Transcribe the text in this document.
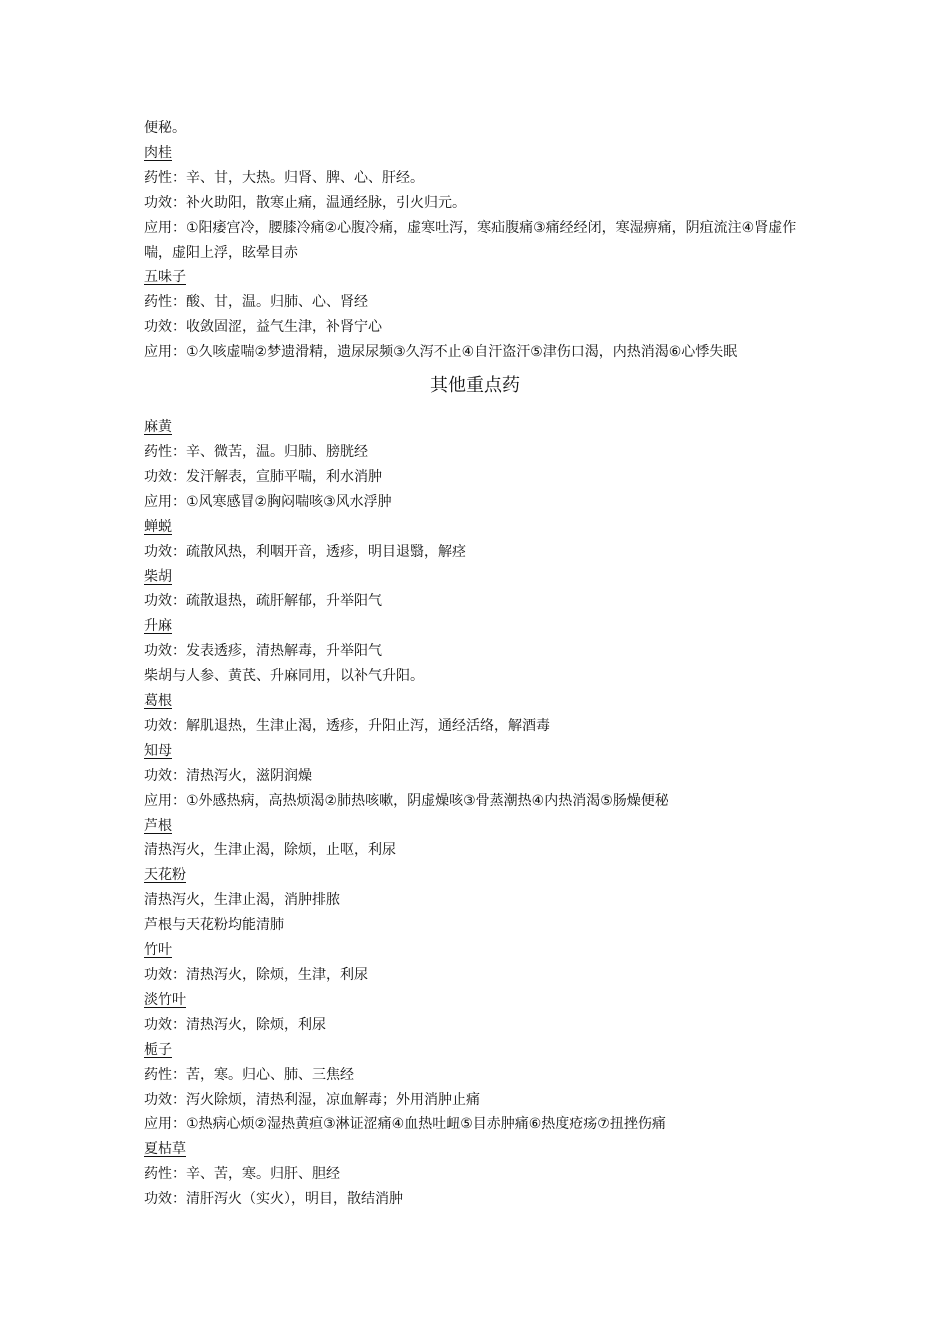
便秘。
肉桂
药性：辛、甘，大热。归肾、脾、心、肝经。
功效：补火助阳，散寒止痛，温通经脉，引火归元。
应用：①阳痿宫冷，腰膝冷痛②心腹冷痛，虚寒吐泻，寒疝腹痛③痛经经闭，寒湿痹痛，阴疽流注④肾虚作喘，虚阳上浮，眩晕目赤
五味子
药性：酸、甘，温。归肺、心、肾经
功效：收敛固涩，益气生津，补肾宁心
应用：①久咳虚喘②梦遗滑精，遗尿尿频③久泻不止④自汗盗汗⑤津伤口渴，内热消渴⑥心悸失眠
其他重点药
麻黄
药性：辛、微苦，温。归肺、膀胱经
功效：发汗解表，宣肺平喘，利水消肿
应用：①风寒感冒②胸闷喘咳③风水浮肿
蝉蜕
功效：疏散风热，利咽开音，透疹，明目退翳，解痉
柴胡
功效：疏散退热，疏肝解郁，升举阳气
升麻
功效：发表透疹，清热解毒，升举阳气
柴胡与人参、黄芪、升麻同用，以补气升阳。
葛根
功效：解肌退热，生津止渴，透疹，升阳止泻，通经活络，解酒毒
知母
功效：清热泻火，滋阴润燥
应用：①外感热病，高热烦渴②肺热咳嗽，阴虚燥咳③骨蒸潮热④内热消渴⑤肠燥便秘
芦根
清热泻火，生津止渴，除烦，止呕，利尿
天花粉
清热泻火，生津止渴，消肿排脓
芦根与天花粉均能清肺
竹叶
功效：清热泻火，除烦，生津，利尿
淡竹叶
功效：清热泻火，除烦，利尿
栀子
药性：苦，寒。归心、肺、三焦经
功效：泻火除烦，清热利湿，凉血解毒；外用消肿止痛
应用：①热病心烦②湿热黄疸③淋证涩痛④血热吐衄⑤目赤肿痛⑥热度疮疡⑦扭挫伤痛
夏枯草
药性：辛、苦，寒。归肝、胆经
功效：清肝泻火（实火），明目，散结消肿
